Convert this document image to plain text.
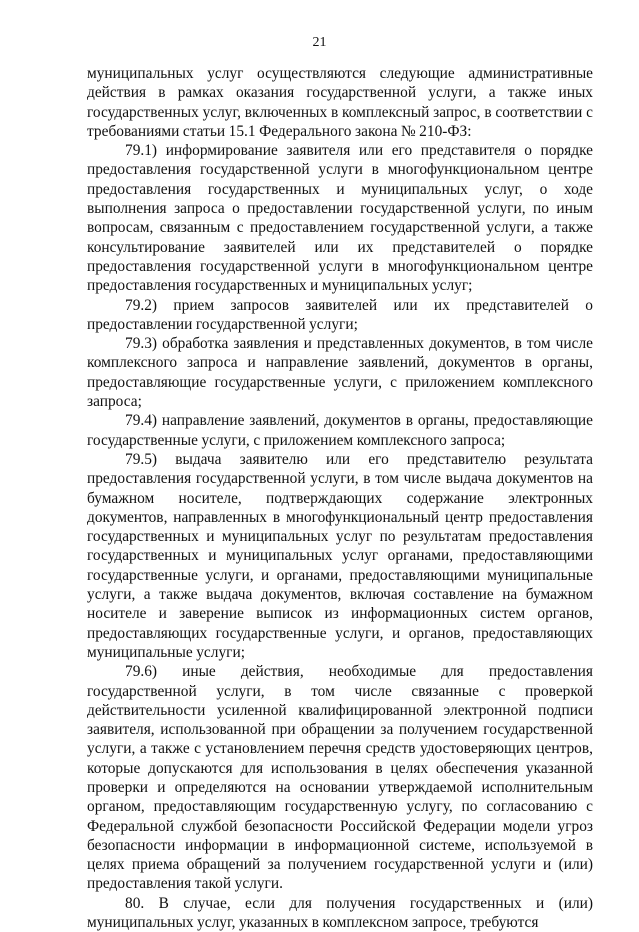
21

муниципальных услуг осуществляются следующие административные действия в рамках оказания государственной услуги, а также иных государственных услуг, включенных в комплексный запрос, в соответствии с требованиями статьи 15.1 Федерального закона № 210-ФЗ:

79.1) информирование заявителя или его представителя о порядке предоставления государственной услуги в многофункциональном центре предоставления государственных и муниципальных услуг, о ходе выполнения запроса о предоставлении государственной услуги, по иным вопросам, связанным с предоставлением государственной услуги, а также консультирование заявителей или их представителей о порядке предоставления государственной услуги в многофункциональном центре предоставления государственных и муниципальных услуг;

79.2) прием запросов заявителей или их представителей о предоставлении государственной услуги;

79.3) обработка заявления и представленных документов, в том числе комплексного запроса и направление заявлений, документов в органы, предоставляющие государственные услуги, с приложением комплексного запроса;

79.4) направление заявлений, документов в органы, предоставляющие государственные услуги, с приложением комплексного запроса;

79.5) выдача заявителю или его представителю результата предоставления государственной услуги, в том числе выдача документов на бумажном носителе, подтверждающих содержание электронных документов, направленных в многофункциональный центр предоставления государственных и муниципальных услуг по результатам предоставления государственных и муниципальных услуг органами, предоставляющими государственные услуги, и органами, предоставляющими муниципальные услуги, а также выдача документов, включая составление на бумажном носителе и заверение выписок из информационных систем органов, предоставляющих государственные услуги, и органов, предоставляющих муниципальные услуги;

79.6) иные действия, необходимые для предоставления государственной услуги, в том числе связанные с проверкой действительности усиленной квалифицированной электронной подписи заявителя, использованной при обращении за получением государственной услуги, а также с установлением перечня средств удостоверяющих центров, которые допускаются для использования в целях обеспечения указанной проверки и определяются на основании утверждаемой исполнительным органом, предоставляющим государственную услугу, по согласованию с Федеральной службой безопасности Российской Федерации модели угроз безопасности информации в информационной системе, используемой в целях приема обращений за получением государственной услуги и (или) предоставления такой услуги.

80. В случае, если для получения государственных и (или) муниципальных услуг, указанных в комплексном запросе, требуются
